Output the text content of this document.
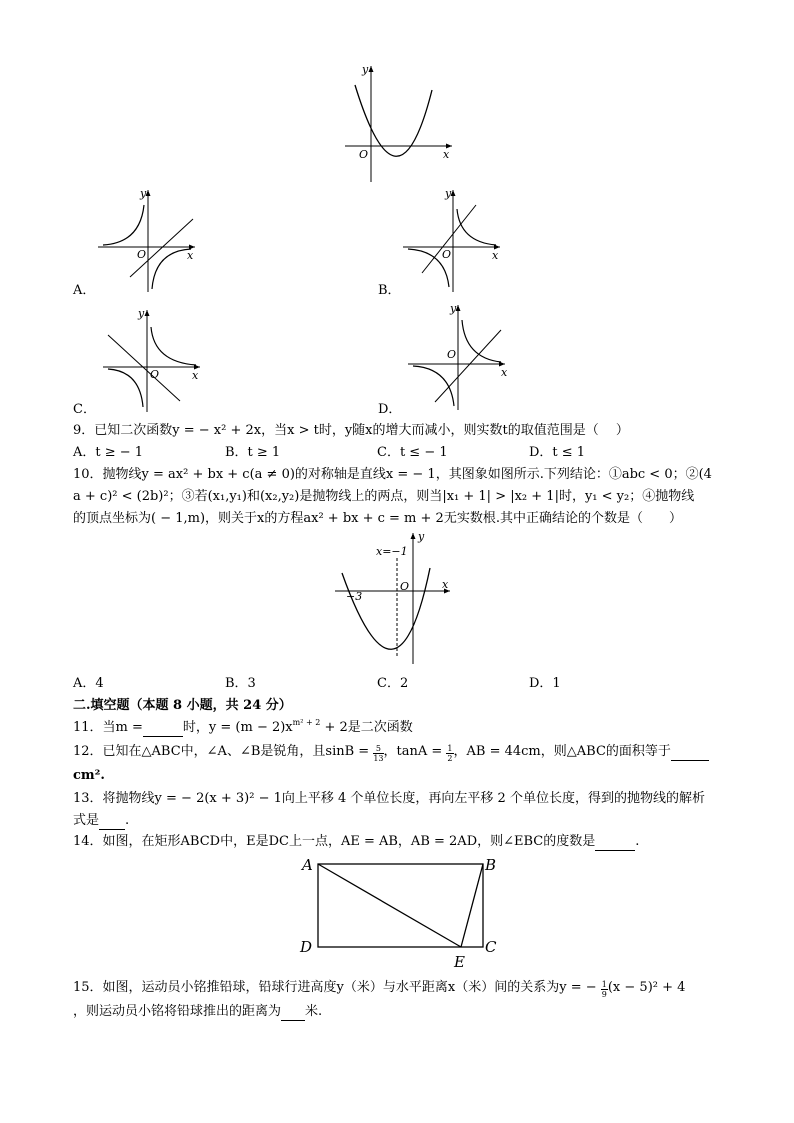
y
x
O
y
x
O
A．
y
x
O
B．
y
x
O
C．
y
x
O
D．
9．已知二次函数y = − x² + 2x，当x > t时，y随x的增大而减小，则实数t的取值范围是（　 ）
A．t ≥ − 1	B．t ≥ 1	C．t ≤ − 1	D．t ≤ 1
10．抛物线y = ax² + bx + c(a ≠ 0)的对称轴是直线x = − 1，其图象如图所示.下列结论：①abc < 0；②(4
a + c)² < (2b)²；③若(x₁,y₁)和(x₂,y₂)是抛物线上的两点，则当|x₁ + 1| > |x₂ + 1|时，y₁ < y₂；④抛物线
的顶点坐标为( − 1,m)，则关于x的方程ax² + bx + c = m + 2无实数根.其中正确结论的个数是（　　）
x=−1
−3
O	x
y
A．4	B．3	C．2	D．1
二.填空题（本题 8 小题，共 24 分）
11．当m =	时，$y = (m - 2)x^{m^2 + 2} + 2$是二次函数
12．已知在△ABC中，∠A、∠B是锐角，且$\sin B = \frac{5}{13}$ ，$\tan A = \frac{1}{2}$ ，AB = 44cm，则△ABC的面积等于
cm².
13．将抛物线y = − 2(x + 3)² − 1向上平移 4 个单位长度，再向左平移 2 个单位长度，得到的抛物线的解析
式是 .
14．如图，在矩形ABCD中，E是DC上一点，AE = AB，AB = 2AD，则∠EBC的度数是	.
A	B
C
D
E
15．如图，运动员小铭推铅球，铅球行进高度y（米）与水平距离x（米）间的关系为y = − $\frac{1}{9} (x - 5)^2 + 4$
，则运动员小铭将铅球推出的距离为 米.
